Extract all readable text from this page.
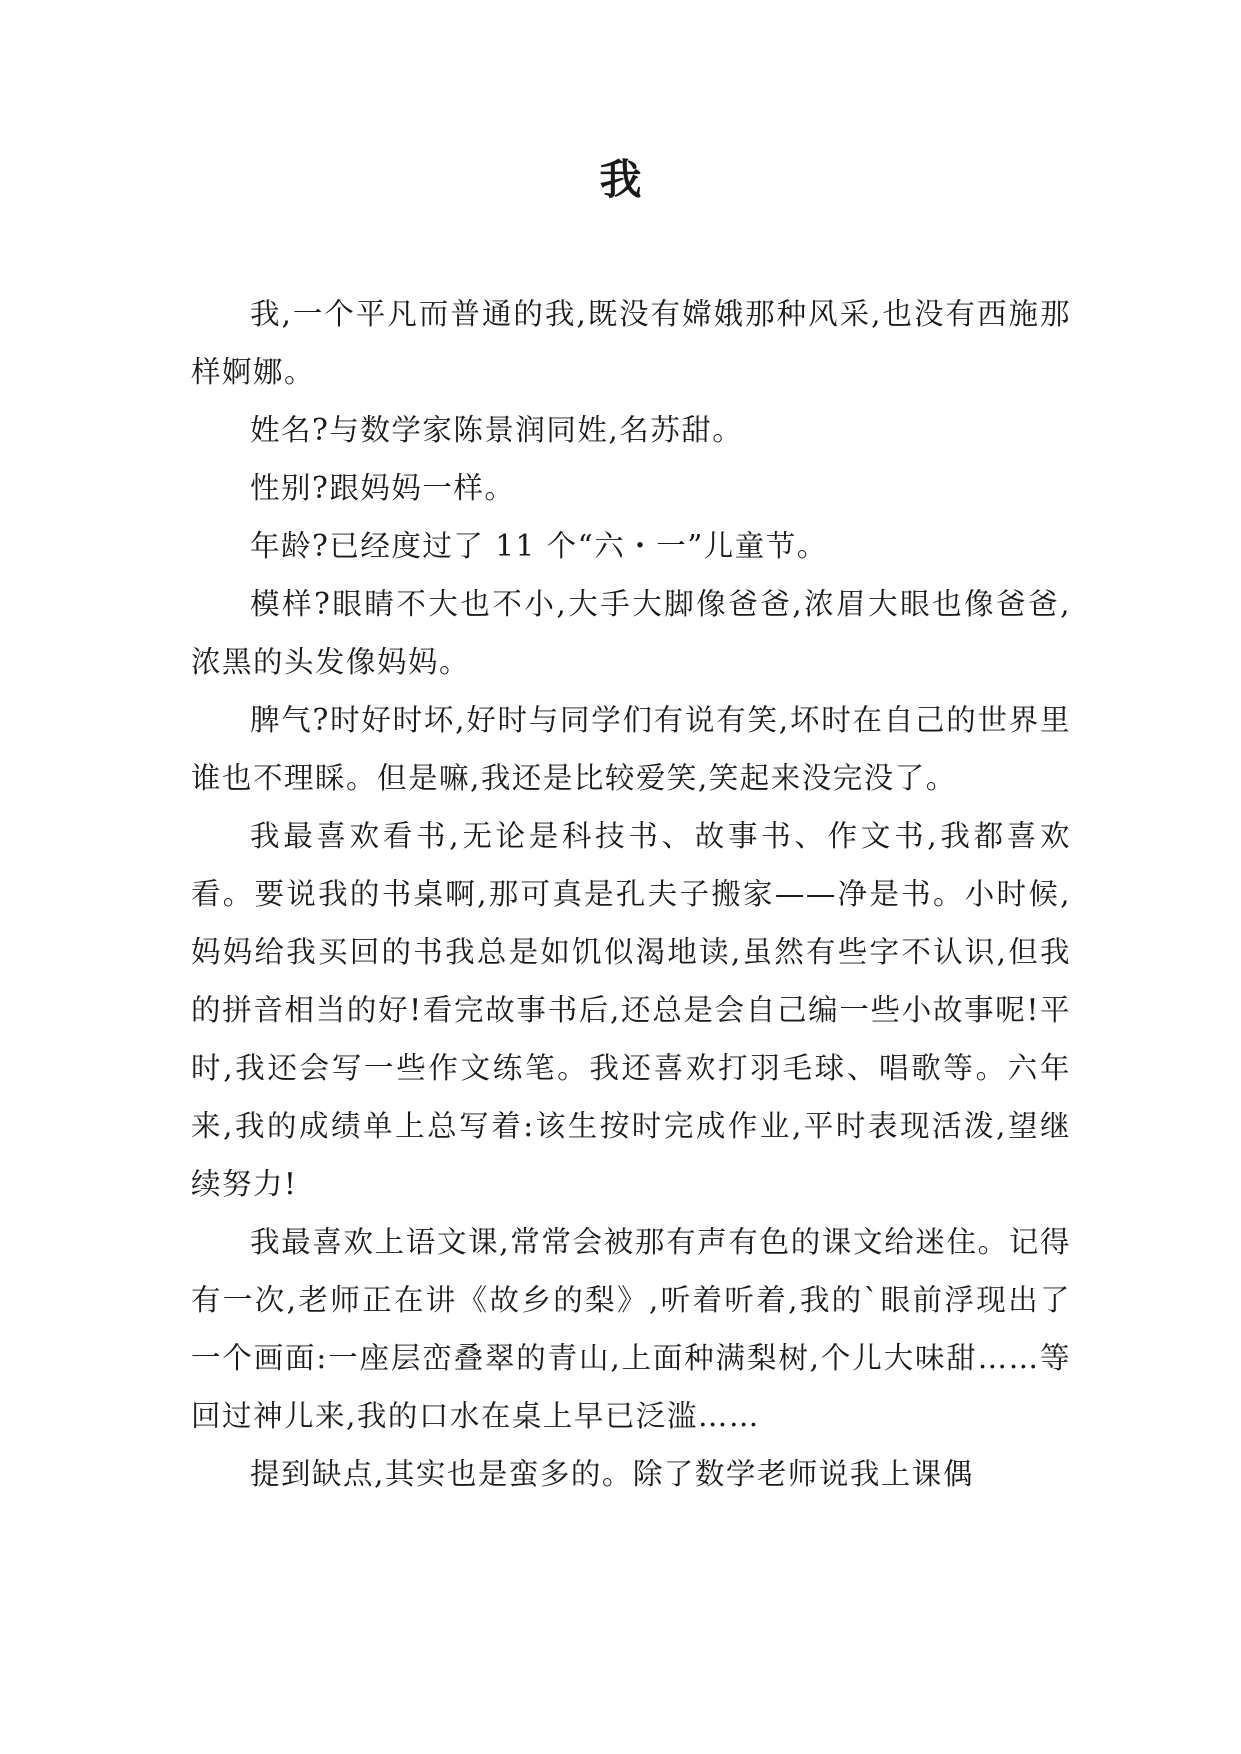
我

我,一个平凡而普通的我,既没有嫦娥那种风采,也没有西施那样婀娜。

姓名?与数学家陈景润同姓,名苏甜。

性别?跟妈妈一样。

年龄?已经度过了 11 个“六・一”儿童节。

模样?眼睛不大也不小,大手大脚像爸爸,浓眉大眼也像爸爸,浓黑的头发像妈妈。

脾气?时好时坏,好时与同学们有说有笑,坏时在自己的世界里谁也不理睬。但是嘛,我还是比较爱笑,笑起来没完没了。

我最喜欢看书,无论是科技书、故事书、作文书,我都喜欢看。要说我的书桌啊,那可真是孔夫子搬家——净是书。小时候,妈妈给我买回的书我总是如饥似渴地读,虽然有些字不认识,但我的拼音相当的好!看完故事书后,还总是会自己编一些小故事呢!平时,我还会写一些作文练笔。我还喜欢打羽毛球、唱歌等。六年来,我的成绩单上总写着:该生按时完成作业,平时表现活泼,望继续努力!

我最喜欢上语文课,常常会被那有声有色的课文给迷住。记得有一次,老师正在讲《故乡的梨》,听着听着,我的`眼前浮现出了一个画面:一座层峦叠翠的青山,上面种满梨树,个儿大味甜……等回过神儿来,我的口水在桌上早已泛滥……

提到缺点,其实也是蛮多的。除了数学老师说我上课偶
